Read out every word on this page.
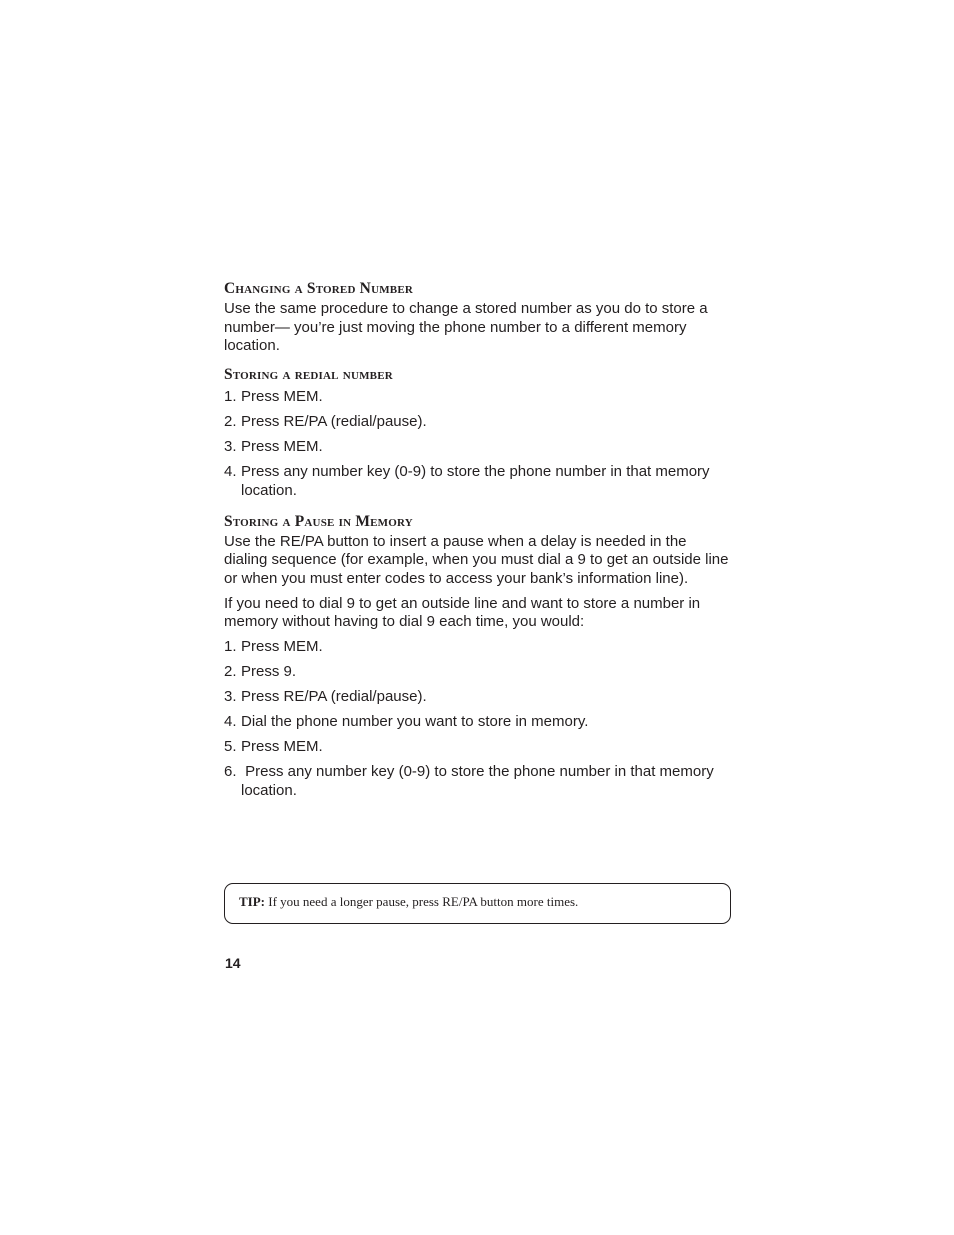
Changing a Stored Number

Use the same procedure to change a stored number as you do to store a number— you’re just moving the phone number to a different memory location.

Storing a redial number
1. Press MEM.
2. Press RE/PA (redial/pause).
3. Press MEM.
4. Press any number key (0-9) to store the phone number in that memory location.
Storing a Pause in Memory

Use the RE/PA button to insert a pause when a delay is needed in the dialing sequence (for example, when you must dial a 9 to get an outside line or when you must enter codes to access your bank’s information line).

If you need to dial 9 to get an outside line and want to store a number in memory without having to dial 9 each time, you would:

1. Press MEM.
2. Press 9.
3. Press RE/PA (redial/pause).
4. Dial the phone number you want to store in memory.
5. Press MEM.
6. Press any number key (0-9) to store the phone number in that memory location.
TIP: If you need a longer pause, press RE/PA button more times.
14
